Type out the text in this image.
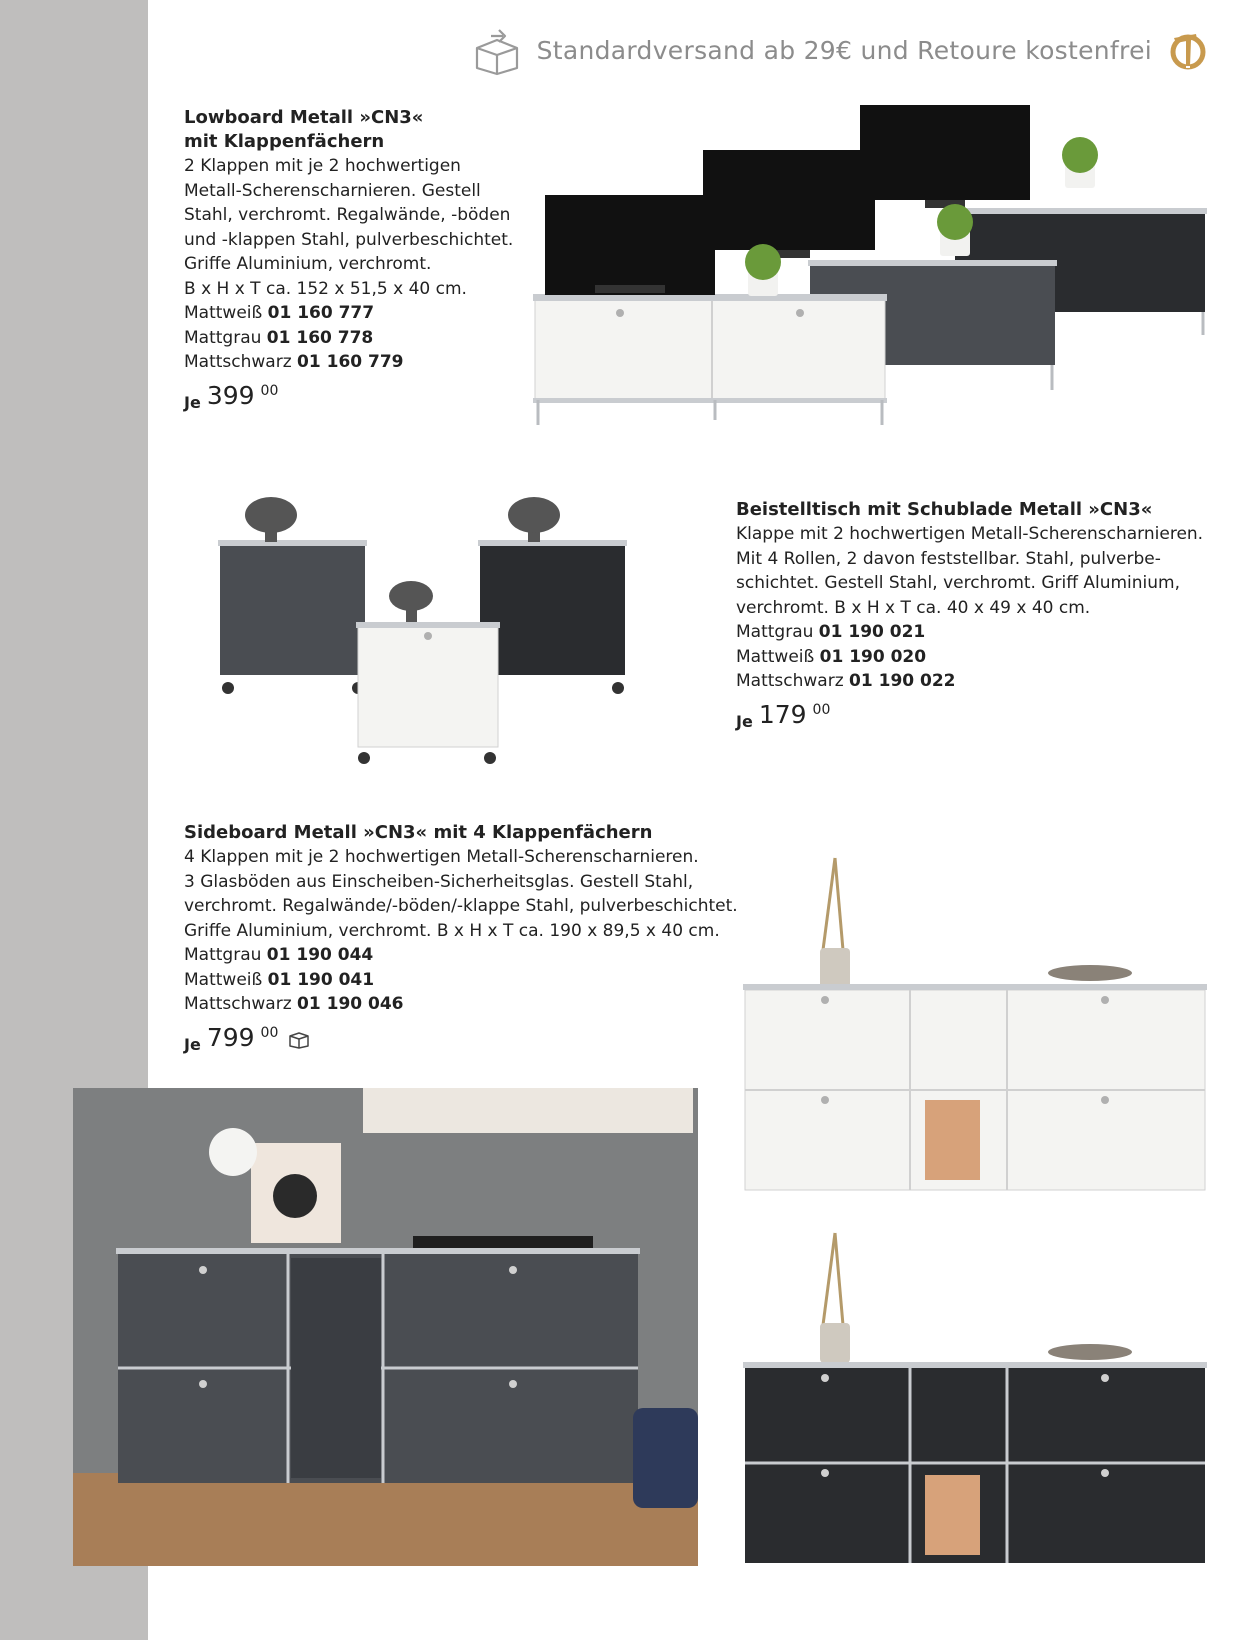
Standardversand ab 29€ und Retoure kostenfrei
Lowboard Metall »CN3«
mit Klappenfächern
2 Klappen mit je 2 hochwertigen
Metall-Scherenscharnieren. Gestell
Stahl, verchromt. Regalwände, -böden
und -klappen Stahl, pulverbeschichtet.
Griffe Aluminium, verchromt.
B x H x T ca. 152 x 51,5 x 40 cm.
Mattweiß 01 160 777
Mattgrau 01 160 778
Mattschwarz 01 160 779
Je 399 00
Beistelltisch mit Schublade Metall »CN3«
Klappe mit 2 hochwertigen Metall-Scherenscharnieren.
Mit 4 Rollen, 2 davon feststellbar. Stahl, pulverbe-
schichtet. Gestell Stahl, verchromt. Griff Aluminium,
verchromt. B x H x T ca. 40 x 49 x 40 cm.
Mattgrau 01 190 021
Mattweiß 01 190 020
Mattschwarz 01 190 022
Je 179 00
Sideboard Metall »CN3« mit 4 Klappenfächern
4 Klappen mit je 2 hochwertigen Metall-Scherenscharnieren.
3 Glasböden aus Einscheiben-Sicherheitsglas. Gestell Stahl,
verchromt. Regalwände/-böden/-klappe Stahl, pulverbeschichtet.
Griffe Aluminium, verchromt. B x H x T ca. 190 x 89,5 x 40 cm.
Mattgrau 01 190 044
Mattweiß 01 190 041
Mattschwarz 01 190 046
Je 799 00
